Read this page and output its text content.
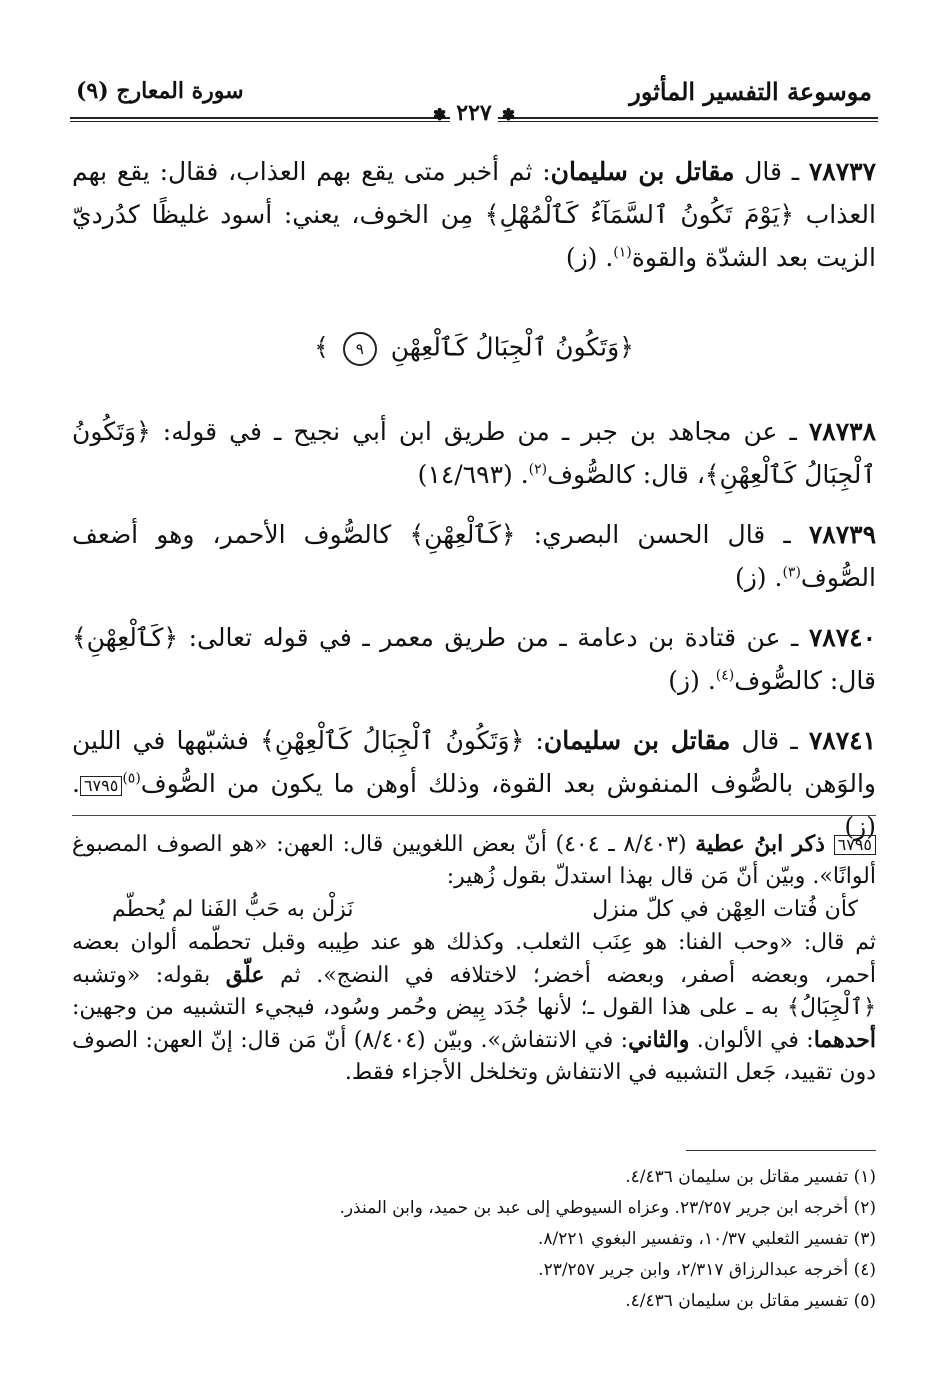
موسوعة التفسير المأثور
سورة المعارج (٩)
✽ ٢٢٧ ✽

٧٨٧٣٧ ـ قال مقاتل بن سليمان: ثم أخبر متى يقع بهم العذاب، فقال: يقع بهم العذاب ﴿يَوْمَ تَكُونُ ٱلسَّمَآءُ كَٱلْمُهْلِ﴾ مِن الخوف، يعني: أسود غليظًا كدُرديّ الزيت بعد الشدّة والقوة$^{(١)}$. (ز)

﴿وَتَكُونُ ٱلْجِبَالُ كَٱلْعِهْنِ ٩ ﴾

٧٨٧٣٨ ـ عن مجاهد بن جبر ـ من طريق ابن أبي نجيح ـ في قوله: ﴿وَتَكُونُ ٱلْجِبَالُ كَٱلْعِهْنِ﴾، قال: كالصُّوف$^{(٢)}$. (١٤/٦٩٣)

٧٨٧٣٩ ـ قال الحسن البصري: ﴿كَٱلْعِهْنِ﴾ كالصُّوف الأحمر، وهو أضعف الصُّوف$^{(٣)}$. (ز)

٧٨٧٤٠ ـ عن قتادة بن دعامة ـ من طريق معمر ـ في قوله تعالى: ﴿كَٱلْعِهْنِ﴾ قال: كالصُّوف$^{(٤)}$. (ز)

٧٨٧٤١ ـ قال مقاتل بن سليمان: ﴿وَتَكُونُ ٱلْجِبَالُ كَٱلْعِهْنِ﴾ فشبّهها في اللين والوَهن بالصُّوف المنفوش بعد القوة، وذلك أوهن ما يكون من الصُّوف$^{(٥)}$٦٧٩٥. (ز)

٦٧٩٥ ذكر ابنُ عطية (٨/٤٠٣ ـ ٤٠٤) أنّ بعض اللغويين قال: العهن: «هو الصوف المصبوغ ألوانًا». وبيّن أنّ مَن قال بهذا استدلّ بقول زُهير:

كأن فُتات العِهْن في كلّ منزل
نَزلْن به حَبُّ الفَنا لم يُحطّم

ثم قال: «وحب الفنا: هو عِنَب الثعلب. وكذلك هو عند طِيبه وقبل تحطّمه ألوان بعضه أحمر، وبعضه أصفر، وبعضه أخضر؛ لاختلافه في النضج». ثم علّق بقوله: «وتشبه ﴿ٱلْجِبَالُ﴾ به ـ على هذا القول ـ؛ لأنها جُدَد بِيض وحُمر وسُود، فيجيء التشبيه من وجهين: أحدهما: في الألوان. والثاني: في الانتفاش». وبيّن (٨/٤٠٤) أنّ مَن قال: إنّ العهن: الصوف دون تقييد، جَعل التشبيه في الانتفاش وتخلخل الأجزاء فقط.

(١) تفسير مقاتل بن سليمان ٤/٤٣٦.

(٢) أخرجه ابن جرير ٢٣/٢٥٧. وعزاه السيوطي إلى عبد بن حميد، وابن المنذر.

(٣) تفسير الثعلبي ١٠/٣٧، وتفسير البغوي ٨/٢٢١.

(٤) أخرجه عبدالرزاق ٢/٣١٧، وابن جرير ٢٣/٢٥٧.

(٥) تفسير مقاتل بن سليمان ٤/٤٣٦.
